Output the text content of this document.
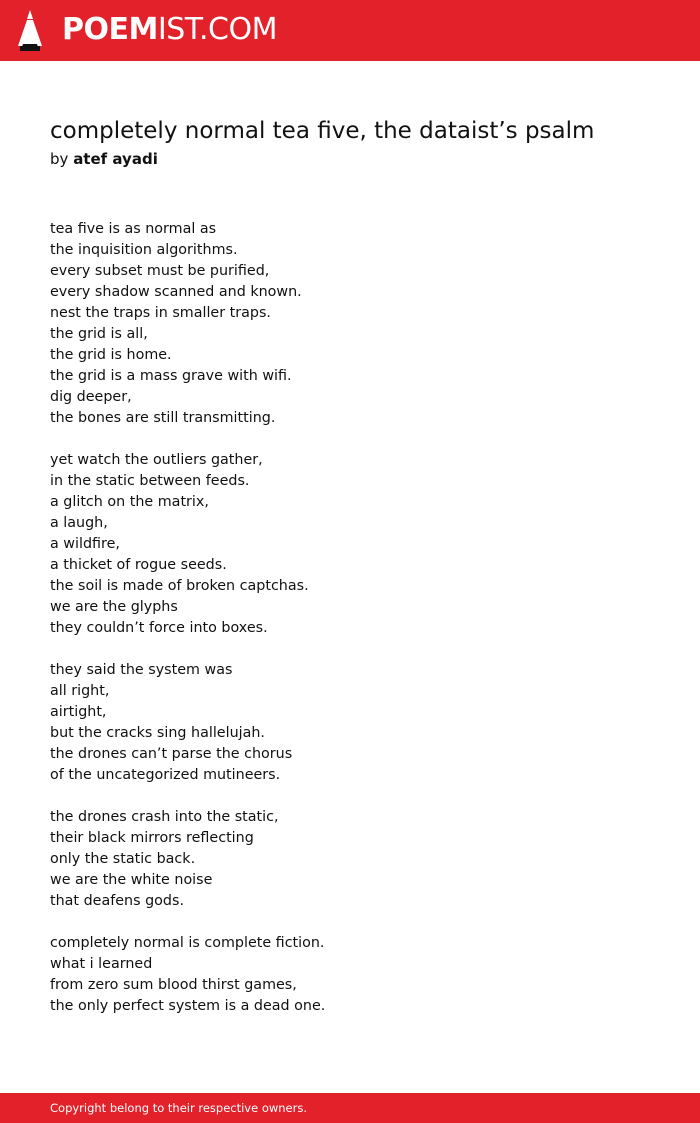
POEMIST.COM
completely normal tea five, the dataist’s psalm
by atef ayadi
tea five is as normal as
the inquisition algorithms.
every subset must be purified,
every shadow scanned and known.
nest the traps in smaller traps.
the grid is all,
the grid is home.
the grid is a mass grave with wifi.
dig deeper,
the bones are still transmitting.
yet watch the outliers gather,
in the static between feeds.
a glitch on the matrix,
a laugh,
a wildfire,
a thicket of rogue seeds.
the soil is made of broken captchas.
we are the glyphs
they couldn’t force into boxes.
they said the system was
all right,
airtight,
but the cracks sing hallelujah.
the drones can’t parse the chorus
of the uncategorized mutineers.
the drones crash into the static,
their black mirrors reflecting
only the static back.
we are the white noise
that deafens gods.
completely normal is complete fiction.
what i learned
from zero sum blood thirst games,
the only perfect system is a dead one.
Copyright belong to their respective owners.
